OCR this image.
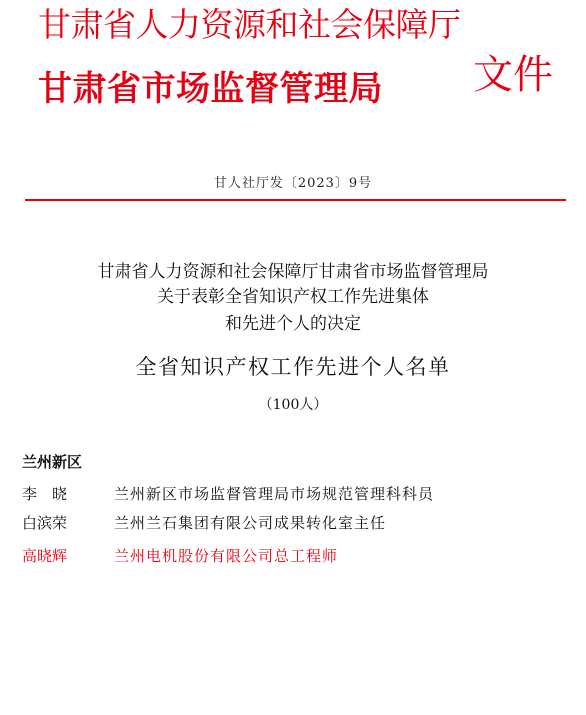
甘肃省人力资源和社会保障厅
甘肃省市场监督管理局 文件
甘人社厅发〔2023〕9号
甘肃省人力资源和社会保障厅甘肃省市场监督管理局
关于表彰全省知识产权工作先进集体
和先进个人的决定
全省知识产权工作先进个人名单
（100人）
兰州新区
李　晓	兰州新区市场监督管理局市场规范管理科科员
白滨荣	兰州兰石集团有限公司成果转化室主任
高晓辉	兰州电机股份有限公司总工程师
